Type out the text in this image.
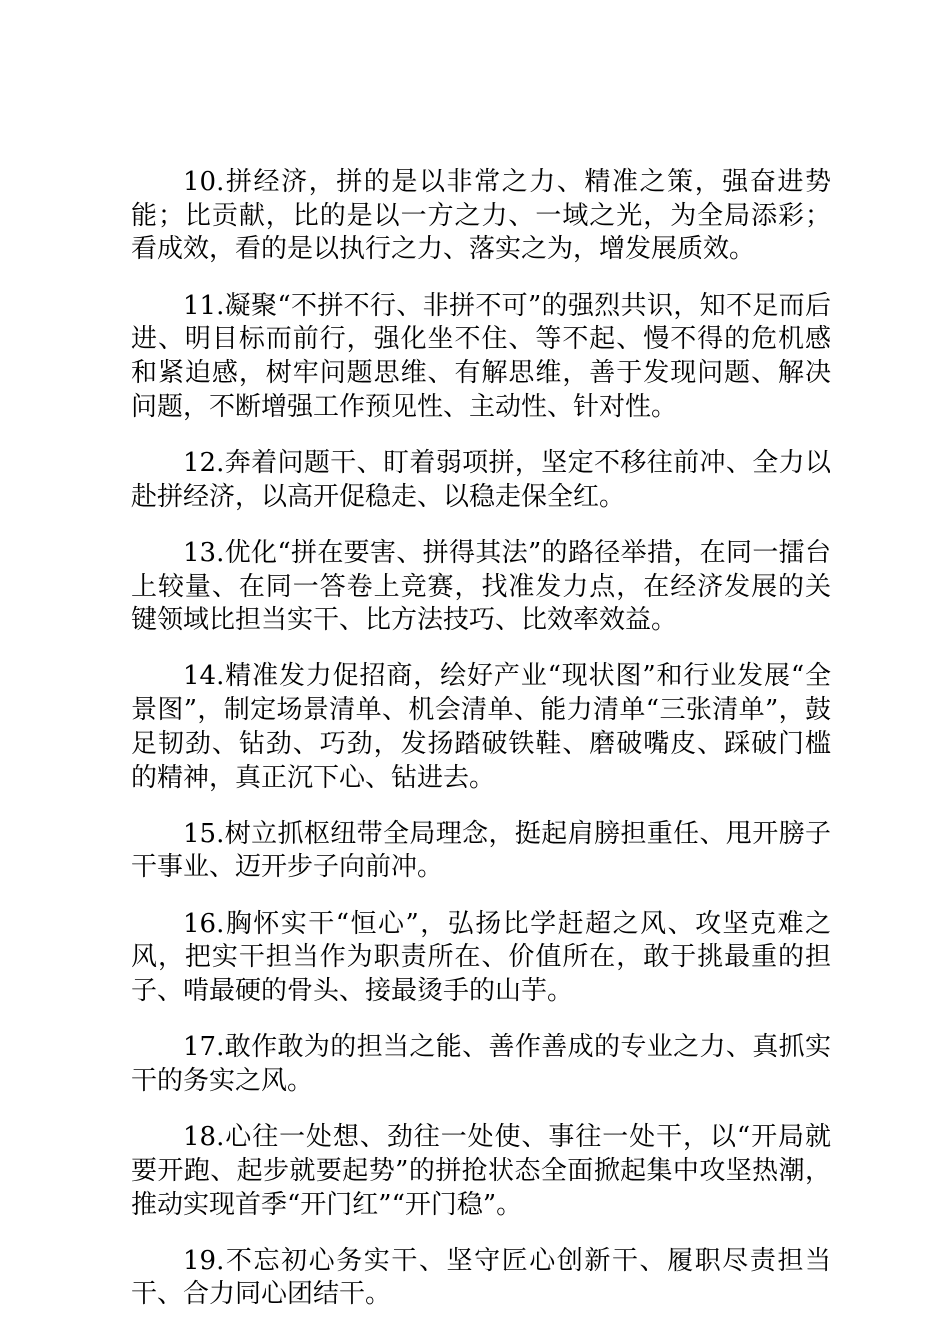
10.拼经济，拼的是以非常之力、精准之策，强奋进势能；比贡献，比的是以一方之力、一域之光，为全局添彩；看成效，看的是以执行之力、落实之为，增发展质效。

11.凝聚“不拼不行、非拼不可”的强烈共识，知不足而后进、明目标而前行，强化坐不住、等不起、慢不得的危机感和紧迫感，树牢问题思维、有解思维，善于发现问题、解决问题，不断增强工作预见性、主动性、针对性。

12.奔着问题干、盯着弱项拼，坚定不移往前冲、全力以赴拼经济，以高开促稳走、以稳走保全红。

13.优化“拼在要害、拼得其法”的路径举措，在同一擂台上较量、在同一答卷上竞赛，找准发力点，在经济发展的关键领域比担当实干、比方法技巧、比效率效益。

14.精准发力促招商，绘好产业“现状图”和行业发展“全景图”，制定场景清单、机会清单、能力清单“三张清单”，鼓足韧劲、钻劲、巧劲，发扬踏破铁鞋、磨破嘴皮、踩破门槛的精神，真正沉下心、钻进去。

15.树立抓枢纽带全局理念，挺起肩膀担重任、甩开膀子干事业、迈开步子向前冲。

16.胸怀实干“恒心”，弘扬比学赶超之风、攻坚克难之风，把实干担当作为职责所在、价值所在，敢于挑最重的担子、啃最硬的骨头、接最烫手的山芋。

17.敢作敢为的担当之能、善作善成的专业之力、真抓实干的务实之风。

18.心往一处想、劲往一处使、事往一处干，以“开局就要开跑、起步就要起势”的拼抢状态全面掀起集中攻坚热潮，推动实现首季“开门红”“开门稳”。

19.不忘初心务实干、坚守匠心创新干、履职尽责担当干、合力同心团结干。
